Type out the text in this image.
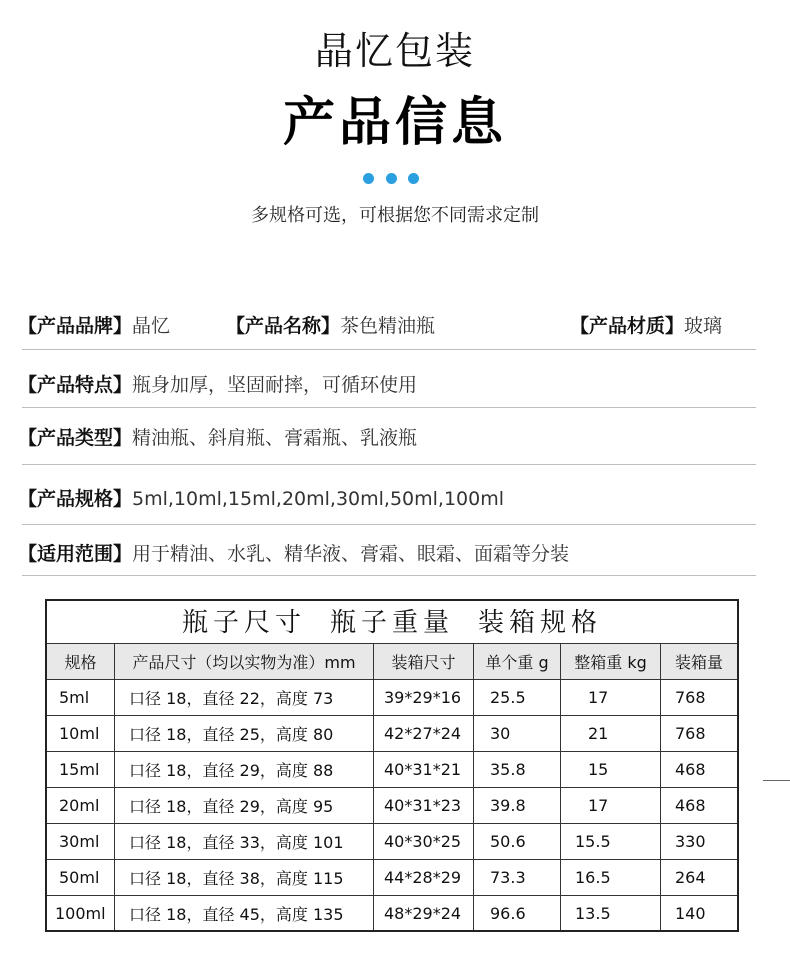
晶忆包装
产品信息
多规格可选，可根据您不同需求定制
【产品品牌】晶忆	【产品名称】茶色精油瓶	【产品材质】玻璃
【产品特点】瓶身加厚，坚固耐摔，可循环使用
【产品类型】精油瓶、斜肩瓶、膏霜瓶、乳液瓶
【产品规格】5ml,10ml,15ml,20ml,30ml,50ml,100ml
【适用范围】用于精油、水乳、精华液、膏霜、眼霜、面霜等分装
瓶子尺寸 瓶子重量 装箱规格
规格	产品尺寸（均以实物为准）mm	装箱尺寸	单个重 g	整箱重 kg	装箱量
5ml	口径 18，直径 22，高度 73	39*29*16	25.5	17	768
10ml	口径 18，直径 25，高度 80	42*27*24	30	21	768
15ml	口径 18，直径 29，高度 88	40*31*21	35.8	15	468
20ml	口径 18，直径 29，高度 95	40*31*23	39.8	17	468
30ml	口径 18，直径 33，高度 101	40*30*25	50.6	15.5	330
50ml	口径 18，直径 38，高度 115	44*28*29	73.3	16.5	264
100ml	口径 18，直径 45，高度 135	48*29*24	96.6	13.5	140
